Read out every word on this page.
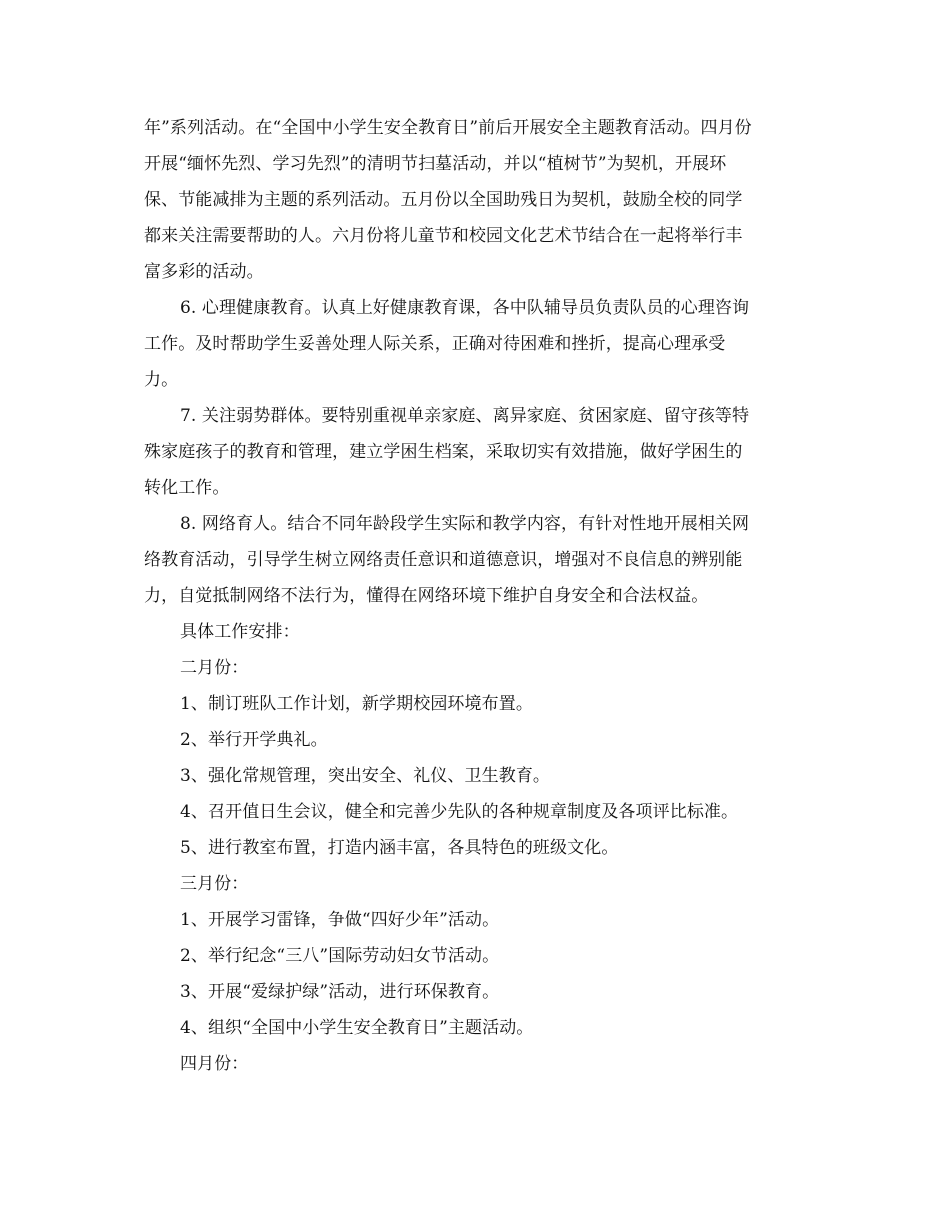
年”系列活动。在“全国中小学生安全教育日”前后开展安全主题教育活动。四月份
开展“缅怀先烈、学习先烈”的清明节扫墓活动，并以“植树节”为契机，开展环
保、节能减排为主题的系列活动。五月份以全国助残日为契机，鼓励全校的同学
都来关注需要帮助的人。六月份将儿童节和校园文化艺术节结合在一起将举行丰
富多彩的活动。
6. 心理健康教育。认真上好健康教育课，各中队辅导员负责队员的心理咨询
工作。及时帮助学生妥善处理人际关系，正确对待困难和挫折，提高心理承受
力。
7. 关注弱势群体。要特别重视单亲家庭、离异家庭、贫困家庭、留守孩等特
殊家庭孩子的教育和管理，建立学困生档案，采取切实有效措施，做好学困生的
转化工作。
8. 网络育人。结合不同年龄段学生实际和教学内容，有针对性地开展相关网
络教育活动，引导学生树立网络责任意识和道德意识，增强对不良信息的辨别能
力，自觉抵制网络不法行为，懂得在网络环境下维护自身安全和合法权益。
具体工作安排：
二月份：
1、制订班队工作计划，新学期校园环境布置。
2、举行开学典礼。
3、强化常规管理，突出安全、礼仪、卫生教育。
4、召开值日生会议，健全和完善少先队的各种规章制度及各项评比标准。
5、进行教室布置，打造内涵丰富，各具特色的班级文化。
三月份：
1、开展学习雷锋，争做“四好少年”活动。
2、举行纪念“三八”国际劳动妇女节活动。
3、开展“爱绿护绿”活动，进行环保教育。
4、组织“全国中小学生安全教育日”主题活动。
四月份：
